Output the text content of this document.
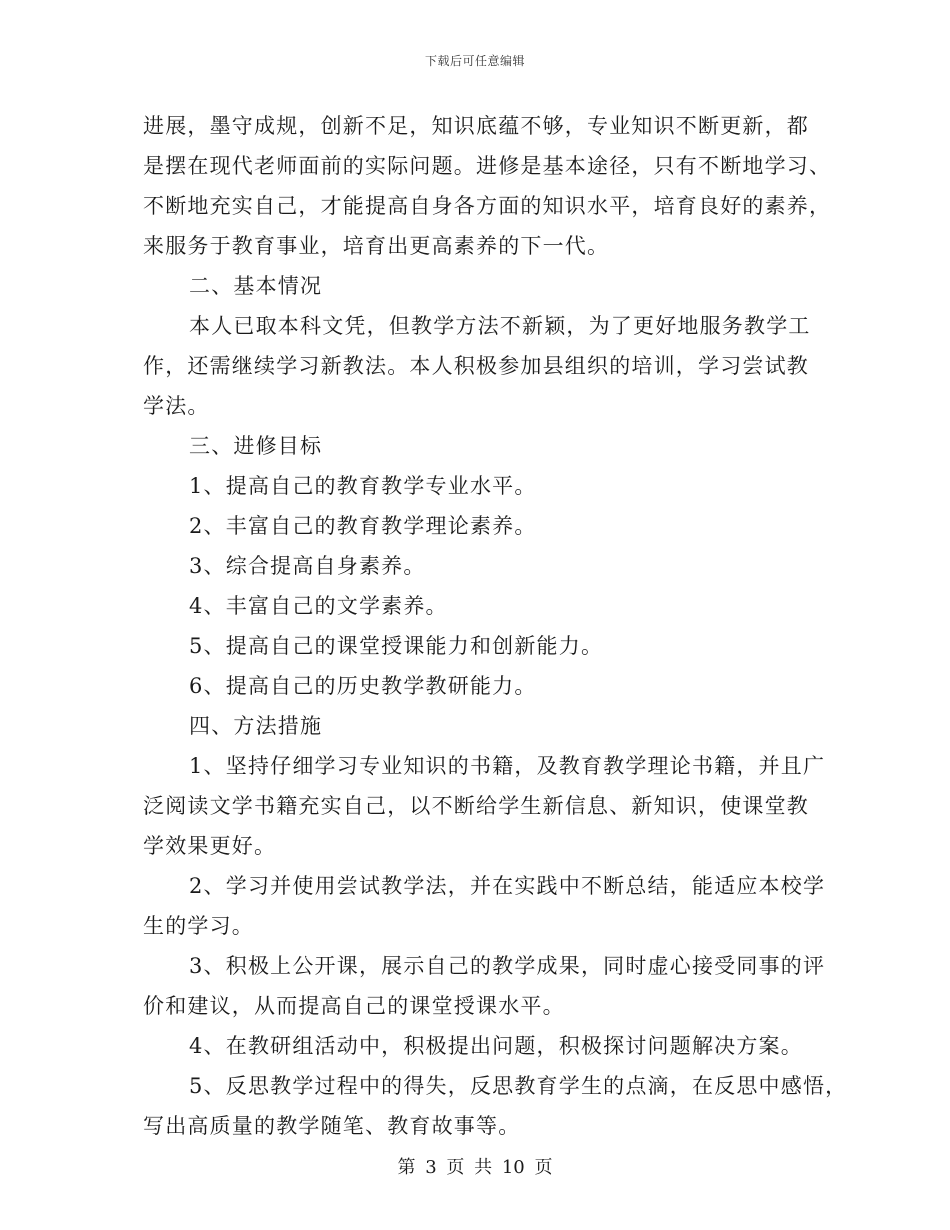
下载后可任意编辑
进展，墨守成规，创新不足，知识底蕴不够，专业知识不断更新，都
是摆在现代老师面前的实际问题。进修是基本途径，只有不断地学习、
不断地充实自己，才能提高自身各方面的知识水平，培育良好的素养，
来服务于教育事业，培育出更高素养的下一代。
二、基本情况
本人已取本科文凭，但教学方法不新颖，为了更好地服务教学工
作，还需继续学习新教法。本人积极参加县组织的培训，学习尝试教
学法。
三、进修目标
1、提高自己的教育教学专业水平。
2、丰富自己的教育教学理论素养。
3、综合提高自身素养。
4、丰富自己的文学素养。
5、提高自己的课堂授课能力和创新能力。
6、提高自己的历史教学教研能力。
四、方法措施
1、坚持仔细学习专业知识的书籍，及教育教学理论书籍，并且广
泛阅读文学书籍充实自己，以不断给学生新信息、新知识，使课堂教
学效果更好。
2、学习并使用尝试教学法，并在实践中不断总结，能适应本校学
生的学习。
3、积极上公开课，展示自己的教学成果，同时虚心接受同事的评
价和建议，从而提高自己的课堂授课水平。
4、在教研组活动中，积极提出问题，积极探讨问题解决方案。
5、反思教学过程中的得失，反思教育学生的点滴，在反思中感悟，
写出高质量的教学随笔、教育故事等。
第 3 页 共 10 页
